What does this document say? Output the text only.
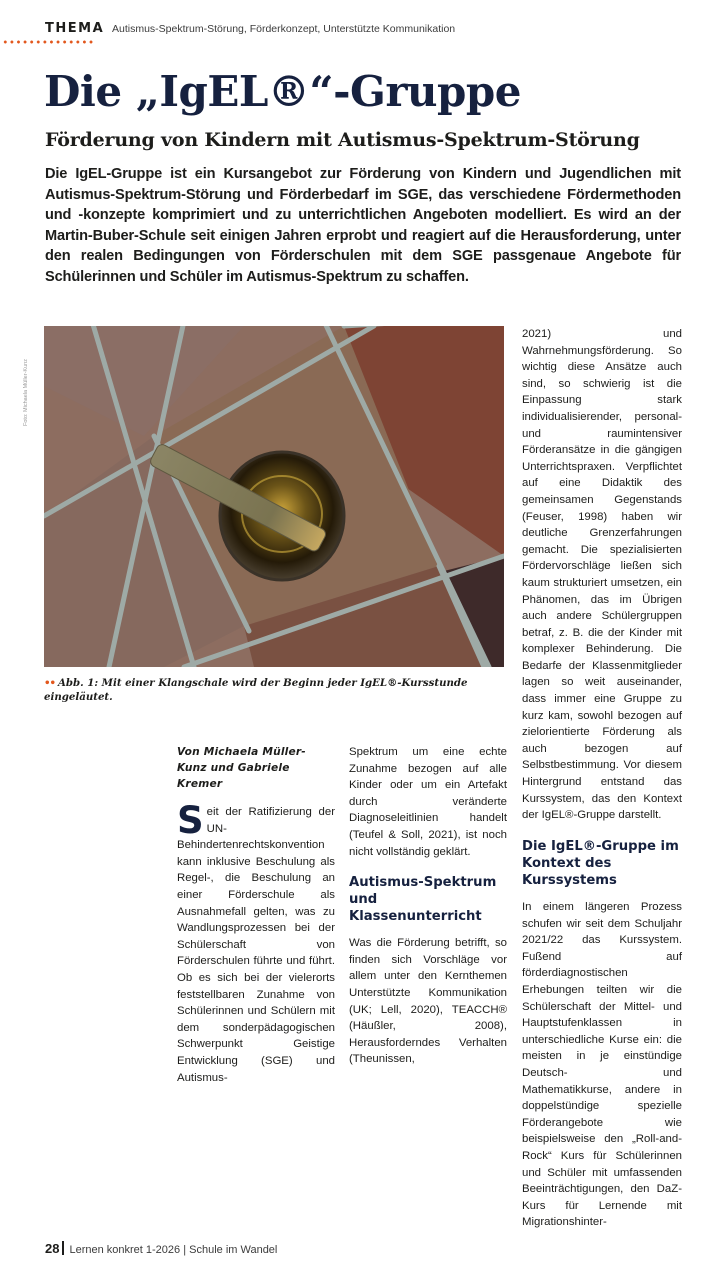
THEMA Autismus-Spektrum-Störung, Förderkonzept, Unterstützte Kommunikation
Die „IgEL®“-Gruppe
Förderung von Kindern mit Autismus-Spektrum-Störung

Die IgEL-Gruppe ist ein Kursangebot zur Förderung von Kindern und Jugendlichen mit Autismus-Spektrum-Störung und Förderbedarf im SGE, das verschiedene Fördermethoden und -konzepte komprimiert und zu unterrichtlichen Angeboten modelliert. Es wird an der Martin-Buber-Schule seit einigen Jahren erprobt und reagiert auf die Herausforderung, unter den realen Bedingungen von Förderschulen mit dem SGE passgenaue Angebote für Schülerinnen und Schüler im Autismus-Spektrum zu schaffen.

Foto: Michaela Müller-Kunz
•• Abb. 1: Mit einer Klangschale wird der Beginn jeder IgEL®-Kursstunde eingeläutet.

2021) und Wahrnehmungsförderung. So wichtig diese Ansätze auch sind, so schwierig ist die Einpassung stark individualisierender, personal- und raumintensiver Förderansätze in die gängigen Unterrichtspraxen. Verpflichtet auf eine Didaktik des gemeinsamen Gegenstands (Feuser, 1998) haben wir deutliche Grenzerfahrungen gemacht. Die spezialisierten Fördervorschläge ließen sich kaum strukturiert umsetzen, ein Phänomen, das im Übrigen auch andere Schülergruppen betraf, z. B. die der Kinder mit komplexer Behinderung. Die Bedarfe der Klassenmitglieder lagen so weit auseinander, dass immer eine Gruppe zu kurz kam, sowohl bezogen auf zielorientierte Förderung als auch bezogen auf Selbstbestimmung. Vor diesem Hintergrund entstand das Kurssystem, das den Kontext der IgEL®-Gruppe darstellt.

Von Michaela Müller-Kunz und Gabriele Kremer

Seit der Ratifizierung der UN-Behindertenrechtskonvention kann inklusive Beschulung als Regel-, die Beschulung an einer Förderschule als Ausnahmefall gelten, was zu Wandlungsprozessen bei der Schülerschaft von Förderschulen führte und führt. Ob es sich bei der vielerorts feststellbaren Zunahme von Schülerinnen und Schülern mit dem sonderpädagogischen Schwerpunkt Geistige Entwicklung (SGE) und Autismus-

Spektrum um eine echte Zunahme bezogen auf alle Kinder oder um ein Artefakt durch veränderte Diagnoseleitlinien handelt (Teufel & Soll, 2021), ist noch nicht vollständig geklärt.

Autismus-Spektrum und Klassenunterricht

Was die Förderung betrifft, so finden sich Vorschläge vor allem unter den Kernthemen Unterstützte Kommunikation (UK; Lell, 2020), TEACCH® (Häußler, 2008), Herausforderndes Verhalten (Theunissen,

Die IgEL®-Gruppe im Kontext des Kurssystems

In einem längeren Prozess schufen wir seit dem Schuljahr 2021/22 das Kurssystem. Fußend auf förderdiagnostischen Erhebungen teilten wir die Schülerschaft der Mittel- und Hauptstufenklassen in unterschiedliche Kurse ein: die meisten in je einstündige Deutsch- und Mathematikkurse, andere in doppelstündige spezielle Förderangebote wie beispielsweise den „Roll-and-Rock“ Kurs für Schülerinnen und Schüler mit umfassenden Beeinträchtigungen, den DaZ-Kurs für Lernende mit Migrationshinter-

28 Lernen konkret 1-2026 | Schule im Wandel
